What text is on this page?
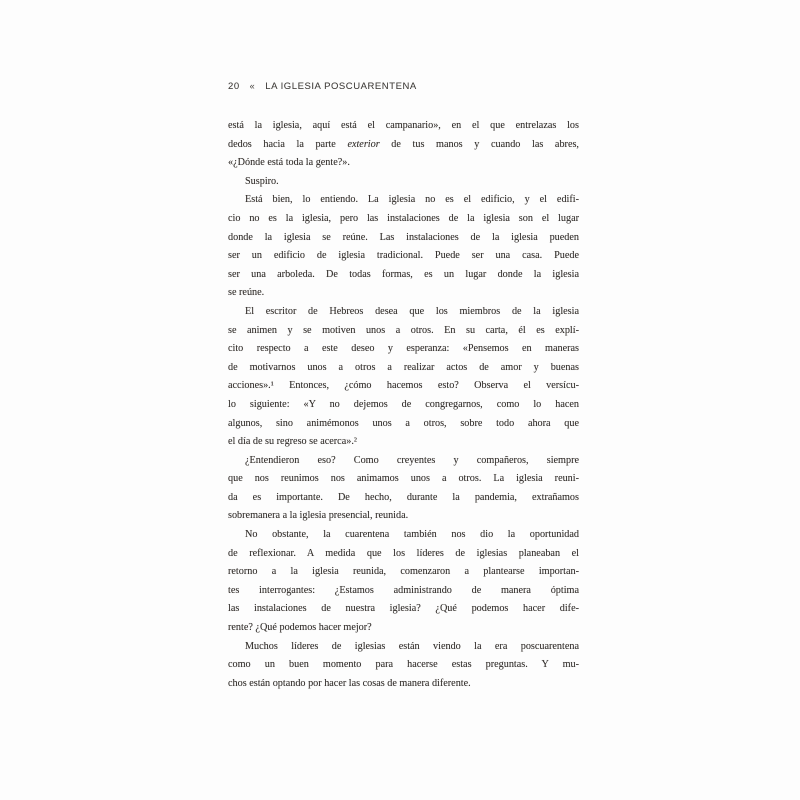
20 « LA IGLESIA POSCUARENTENA
está la iglesia, aquí está el campanario», en el que entrelazas los
dedos hacia la parte exterior de tus manos y cuando las abres,
«¿Dónde está toda la gente?».
Suspiro.
Está bien, lo entiendo. La iglesia no es el edificio, y el edifi-
cio no es la iglesia, pero las instalaciones de la iglesia son el lugar
donde la iglesia se reúne. Las instalaciones de la iglesia pueden
ser un edificio de iglesia tradicional. Puede ser una casa. Puede
ser una arboleda. De todas formas, es un lugar donde la iglesia
se reúne.
El escritor de Hebreos desea que los miembros de la iglesia
se animen y se motiven unos a otros. En su carta, él es explí-
cito respecto a este deseo y esperanza: «Pensemos en maneras
de motivarnos unos a otros a realizar actos de amor y buenas
acciones».¹ Entonces, ¿cómo hacemos esto? Observa el versícu-
lo siguiente: «Y no dejemos de congregarnos, como lo hacen
algunos, sino animémonos unos a otros, sobre todo ahora que
el día de su regreso se acerca».²
¿Entendieron eso? Como creyentes y compañeros, siempre
que nos reunimos nos animamos unos a otros. La iglesia reuni-
da es importante. De hecho, durante la pandemia, extrañamos
sobremanera a la iglesia presencial, reunida.
No obstante, la cuarentena también nos dio la oportunidad
de reflexionar. A medida que los líderes de iglesias planeaban el
retorno a la iglesia reunida, comenzaron a plantearse importan-
tes interrogantes: ¿Estamos administrando de manera óptima
las instalaciones de nuestra iglesia? ¿Qué podemos hacer dife-
rente? ¿Qué podemos hacer mejor?
Muchos líderes de iglesias están viendo la era poscuarentena
como un buen momento para hacerse estas preguntas. Y mu-
chos están optando por hacer las cosas de manera diferente.
